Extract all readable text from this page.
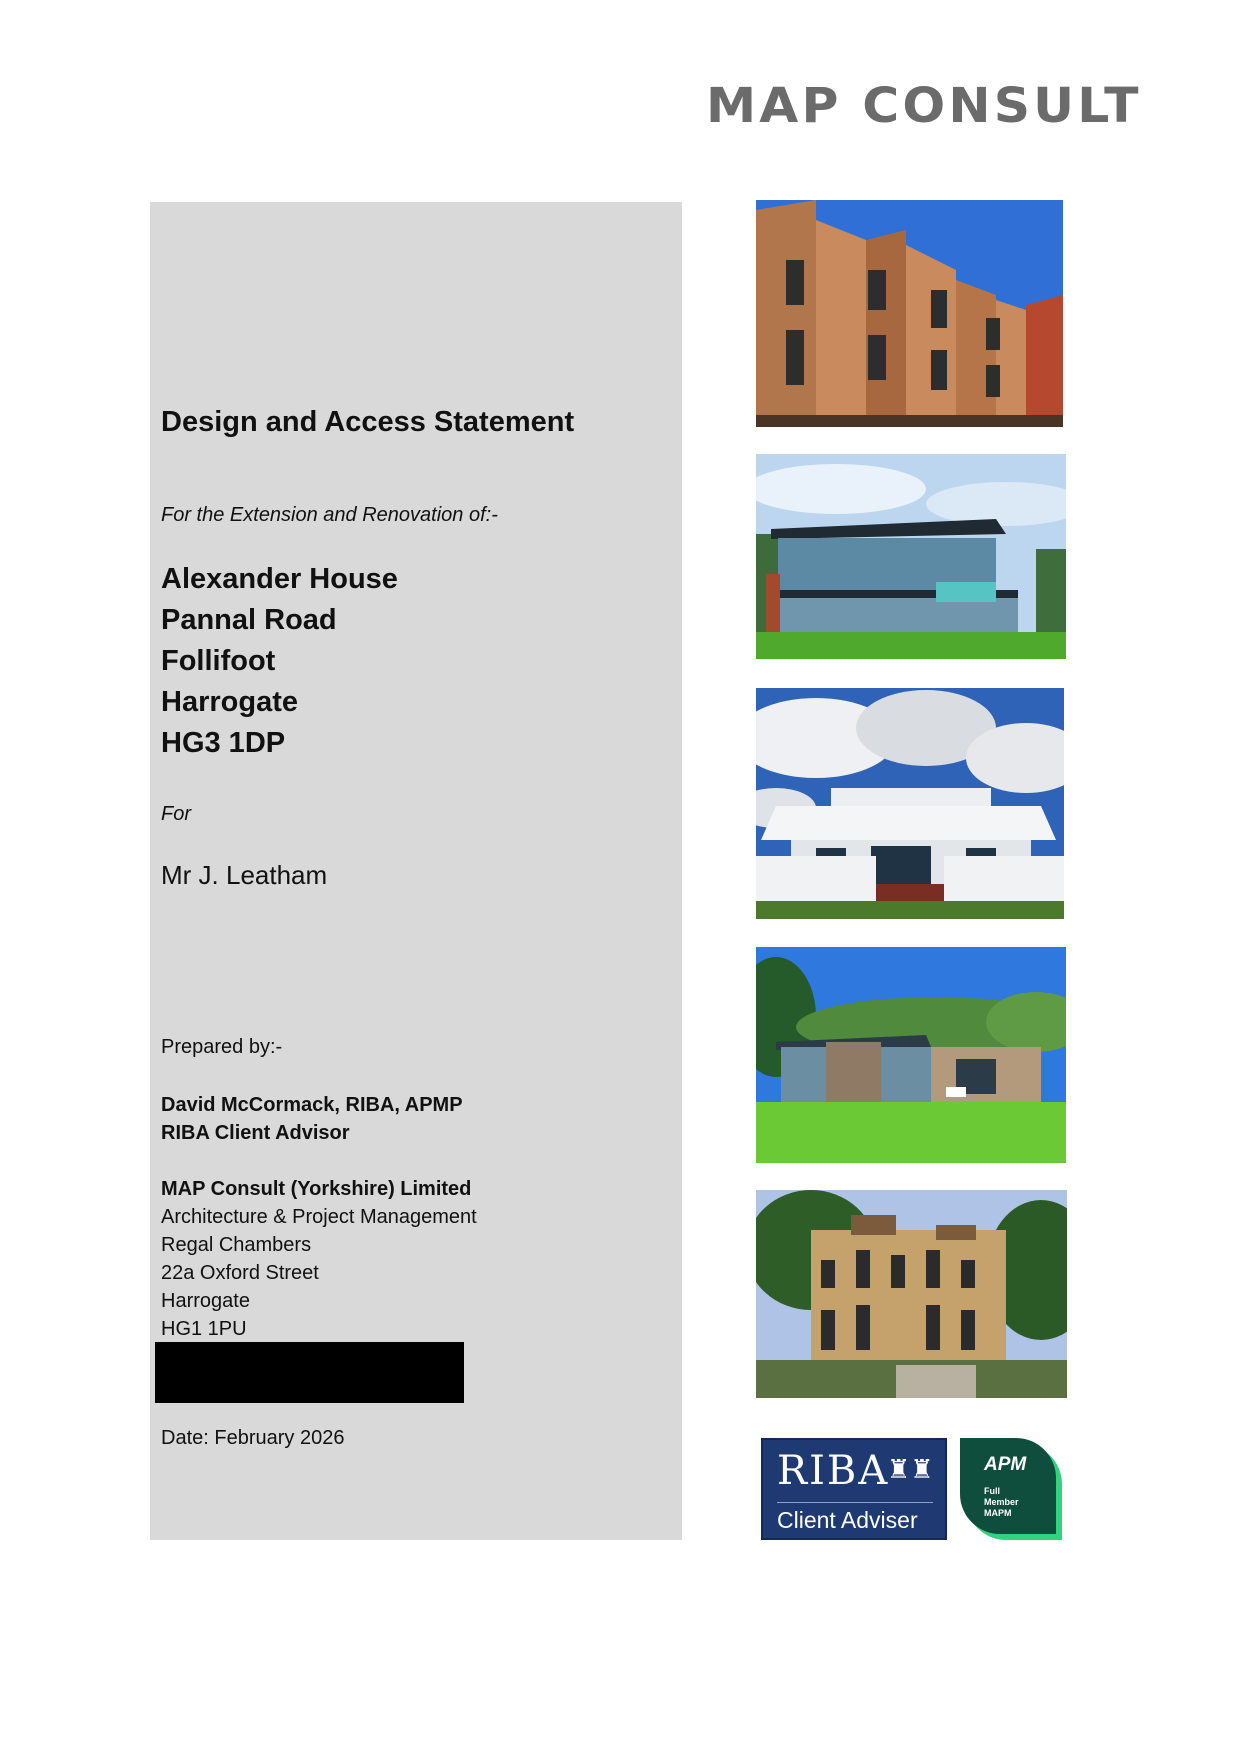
MAP CONSULT

Design and Access Statement

For the Extension and Renovation of:-

Alexander House
Pannal Road
Follifoot
Harrogate
HG3 1DP

For

Mr J. Leatham

Prepared by:-

David McCormack, RIBA, APMP
RIBA Client Advisor
MAP Consult (Yorkshire) Limited
Architecture & Project Management
Regal Chambers
22a Oxford Street
Harrogate
HG1 1PU

Date: February 2026

RIBA
♜♜
Client Adviser
APM
Full
Member
MAPM
